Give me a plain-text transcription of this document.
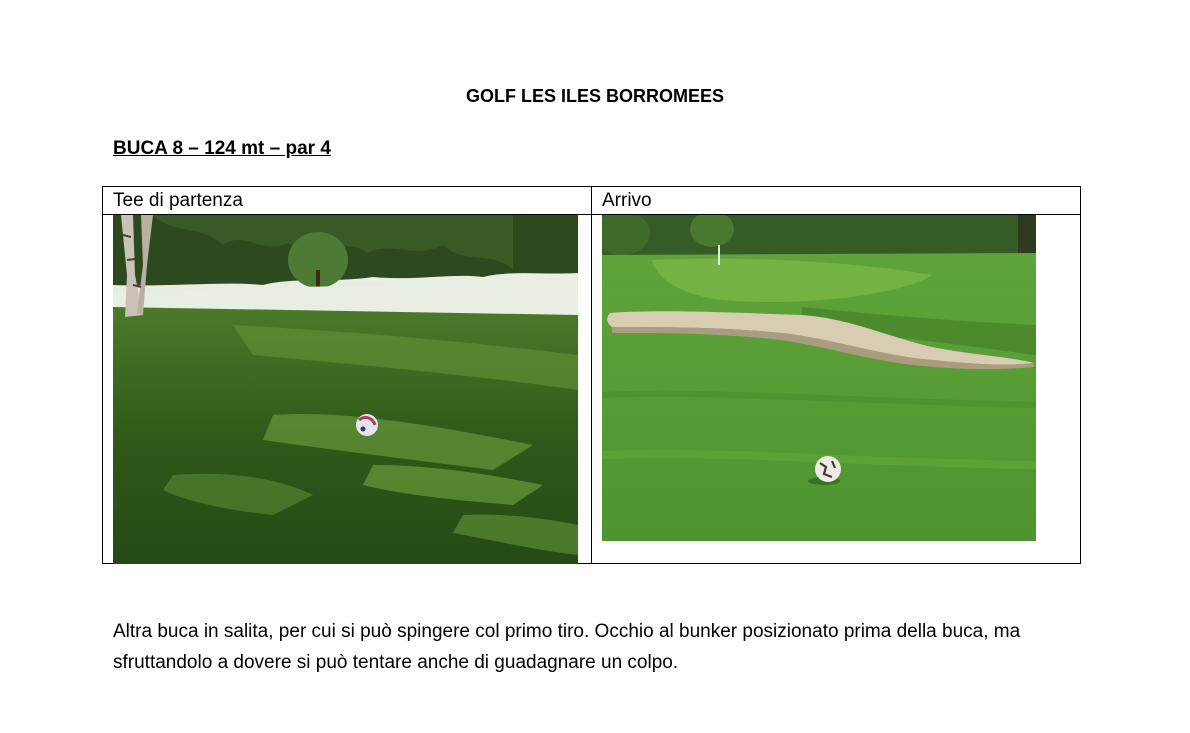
GOLF LES ILES BORROMEES
BUCA 8 – 124 mt – par 4
Tee di partenza	Arrivo
Altra buca in salita, per cui si può spingere col primo tiro. Occhio al bunker posizionato prima della buca, ma sfruttandolo a dovere si può tentare anche di guadagnare un colpo.
